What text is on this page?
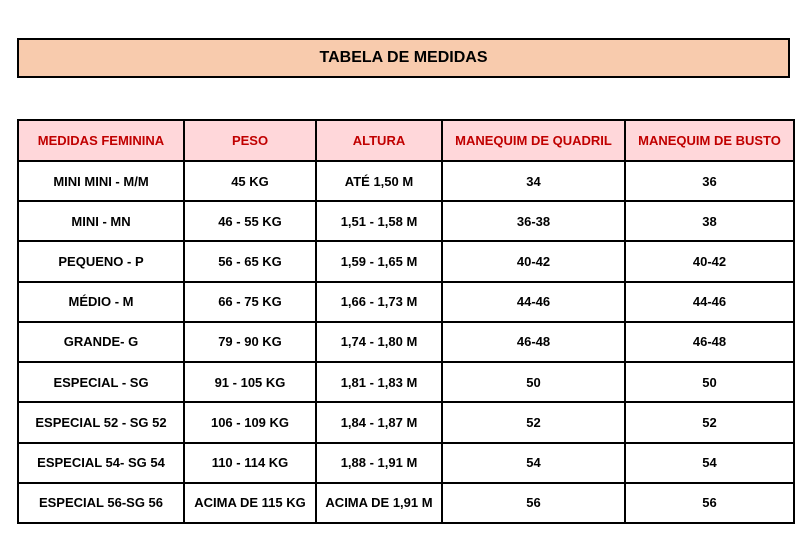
TABELA DE MEDIDAS
MEDIDAS FEMININA	PESO	ALTURA	MANEQUIM DE QUADRIL	MANEQUIM DE BUSTO
MINI MINI - M/M	45 KG	ATÉ 1,50 M	34	36
MINI - MN	46 - 55 KG	1,51 - 1,58 M	36-38	38
PEQUENO - P	56 - 65 KG	1,59 - 1,65 M	40-42	40-42
MÉDIO - M	66 - 75 KG	1,66 - 1,73 M	44-46	44-46
GRANDE- G	79 - 90 KG	1,74 - 1,80 M	46-48	46-48
ESPECIAL - SG	91 - 105 KG	1,81 - 1,83 M	50	50
ESPECIAL 52 - SG 52	106 - 109 KG	1,84 - 1,87 M	52	52
ESPECIAL 54- SG 54	110 - 114 KG	1,88 - 1,91 M	54	54
ESPECIAL 56-SG 56	ACIMA DE 115 KG	ACIMA DE 1,91 M	56	56
